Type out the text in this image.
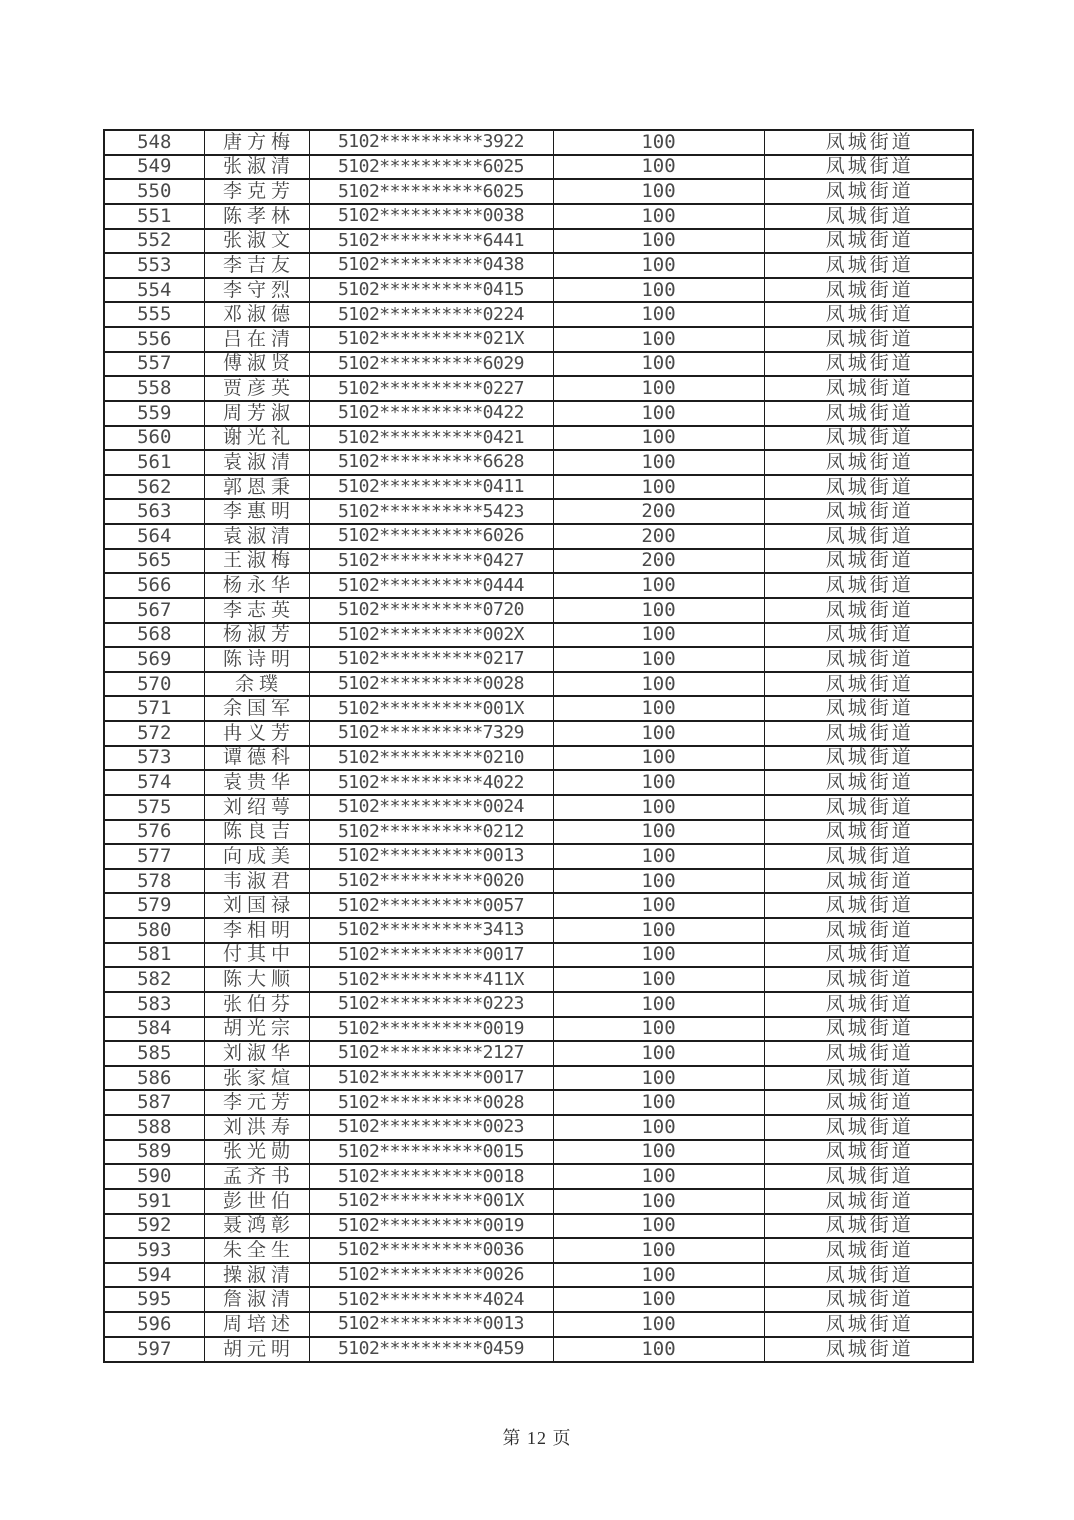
548	唐方梅	5102**********3922	100	凤城街道
549	张淑清	5102**********6025	100	凤城街道
550	李克芳	5102**********6025	100	凤城街道
551	陈孝林	5102**********0038	100	凤城街道
552	张淑文	5102**********6441	100	凤城街道
553	李吉友	5102**********0438	100	凤城街道
554	李守烈	5102**********0415	100	凤城街道
555	邓淑德	5102**********0224	100	凤城街道
556	吕在清	5102**********021X	100	凤城街道
557	傅淑贤	5102**********6029	100	凤城街道
558	贾彦英	5102**********0227	100	凤城街道
559	周芳淑	5102**********0422	100	凤城街道
560	谢光礼	5102**********0421	100	凤城街道
561	袁淑清	5102**********6628	100	凤城街道
562	郭恩秉	5102**********0411	100	凤城街道
563	李惠明	5102**********5423	200	凤城街道
564	袁淑清	5102**********6026	200	凤城街道
565	王淑梅	5102**********0427	200	凤城街道
566	杨永华	5102**********0444	100	凤城街道
567	李志英	5102**********0720	100	凤城街道
568	杨淑芳	5102**********002X	100	凤城街道
569	陈诗明	5102**********0217	100	凤城街道
570	余璞	5102**********0028	100	凤城街道
571	余国军	5102**********001X	100	凤城街道
572	冉义芳	5102**********7329	100	凤城街道
573	谭德科	5102**********0210	100	凤城街道
574	袁贵华	5102**********4022	100	凤城街道
575	刘绍萼	5102**********0024	100	凤城街道
576	陈良吉	5102**********0212	100	凤城街道
577	向成美	5102**********0013	100	凤城街道
578	韦淑君	5102**********0020	100	凤城街道
579	刘国禄	5102**********0057	100	凤城街道
580	李相明	5102**********3413	100	凤城街道
581	付其中	5102**********0017	100	凤城街道
582	陈大顺	5102**********411X	100	凤城街道
583	张伯芬	5102**********0223	100	凤城街道
584	胡光宗	5102**********0019	100	凤城街道
585	刘淑华	5102**********2127	100	凤城街道
586	张家煊	5102**********0017	100	凤城街道
587	李元芳	5102**********0028	100	凤城街道
588	刘洪寿	5102**********0023	100	凤城街道
589	张光勋	5102**********0015	100	凤城街道
590	孟齐书	5102**********0018	100	凤城街道
591	彭世伯	5102**********001X	100	凤城街道
592	聂鸿彰	5102**********0019	100	凤城街道
593	朱全生	5102**********0036	100	凤城街道
594	操淑清	5102**********0026	100	凤城街道
595	詹淑清	5102**********4024	100	凤城街道
596	周培述	5102**********0013	100	凤城街道
597	胡元明	5102**********0459	100	凤城街道
第 12 页
